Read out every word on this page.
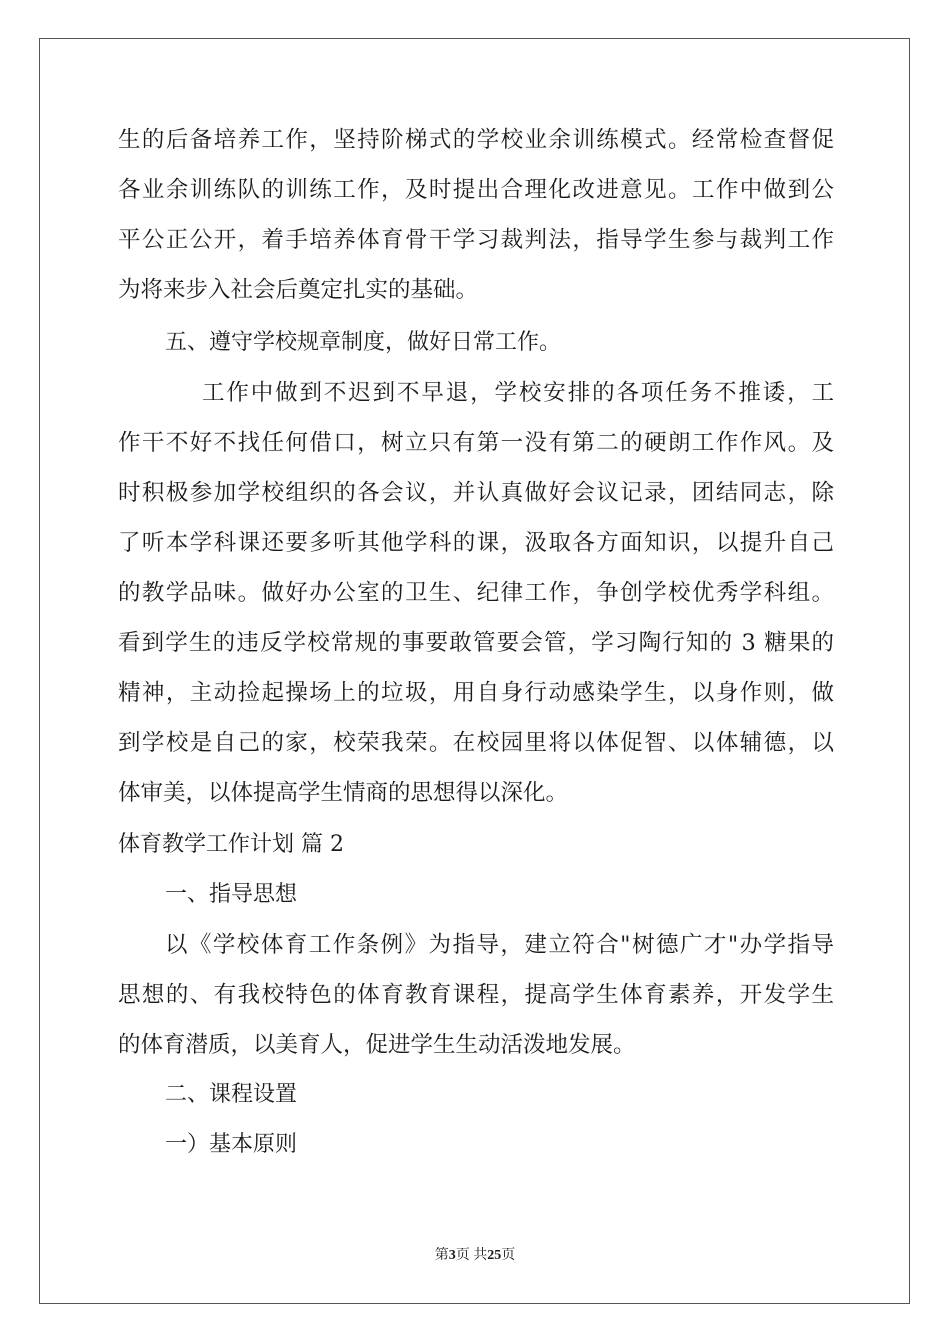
生的后备培养工作，坚持阶梯式的学校业余训练模式。经常检查督促
各业余训练队的训练工作，及时提出合理化改进意见。工作中做到公
平公正公开，着手培养体育骨干学习裁判法，指导学生参与裁判工作
为将来步入社会后奠定扎实的基础。
五、遵守学校规章制度，做好日常工作。
工作中做到不迟到不早退，学校安排的各项任务不推诿，工
作干不好不找任何借口，树立只有第一没有第二的硬朗工作作风。及
时积极参加学校组织的各会议，并认真做好会议记录，团结同志，除
了听本学科课还要多听其他学科的课，汲取各方面知识，以提升自己
的教学品味。做好办公室的卫生、纪律工作，争创学校优秀学科组。
看到学生的违反学校常规的事要敢管要会管，学习陶行知的 3 糖果的
精神，主动捡起操场上的垃圾，用自身行动感染学生，以身作则，做
到学校是自己的家，校荣我荣。在校园里将以体促智、以体辅德，以
体审美，以体提高学生情商的思想得以深化。
体育教学工作计划 篇 2
一、指导思想
以《学校体育工作条例》为指导，建立符合"树德广才"办学指导
思想的、有我校特色的体育教育课程，提高学生体育素养，开发学生
的体育潜质，以美育人，促进学生生动活泼地发展。
二、课程设置
一）基本原则
第3页 共25页
